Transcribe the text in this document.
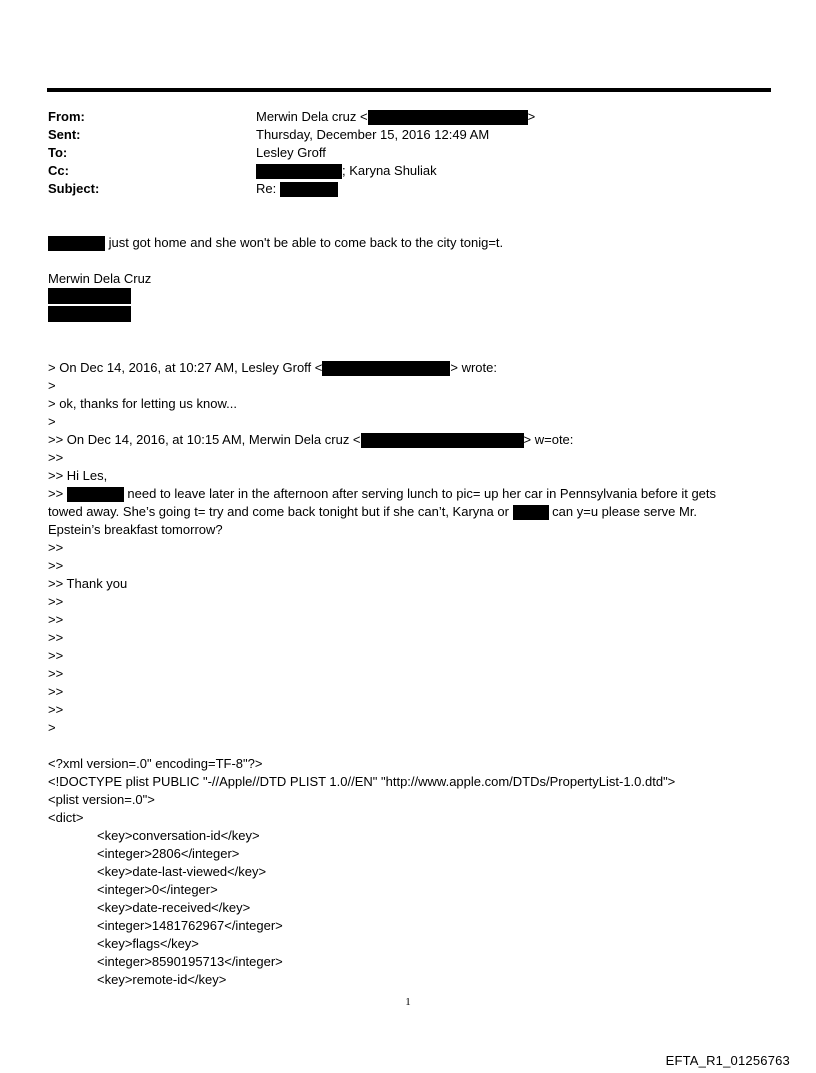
From:	Merwin Dela cruz <	>
Sent:	Thursday, December 15, 2016 12:49 AM
To:	Lesley Groff
Cc:	; Karyna Shuliak
Subject:	Re:
just got home and she won't be able to come back to the city tonig=t.
Merwin Dela Cruz
> On Dec 14, 2016, at 10:27 AM, Lesley Groff <	> wrote:
>
> ok, thanks for letting us know...
>
>> On Dec 14, 2016, at 10:15 AM, Merwin Dela cruz <	> w=ote:
>>
>> Hi Les,
>>	need to leave later in the afternoon after serving lunch to pic= up her car in Pennsylvania before it gets
towed away. She’s going t= try and come back tonight but if she can’t, Karyna or	can y=u please serve Mr.
Epstein’s breakfast tomorrow?
>>
>>
>> Thank you
>>
>>
>>
>>
>>
>>
>>
>
<?xml version=.0" encoding=TF-8"?>
<!DOCTYPE plist PUBLIC "-//Apple//DTD PLIST 1.0//EN" "http://www.apple.com/DTDs/PropertyList-1.0.dtd">
<plist version=.0">
<dict>
<key>conversation-id</key>
<integer>2806</integer>
<key>date-last-viewed</key>
<integer>0</integer>
<key>date-received</key>
<integer>1481762967</integer>
<key>flags</key>
<integer>8590195713</integer>
<key>remote-id</key>
1
EFTA_R1_01256763
